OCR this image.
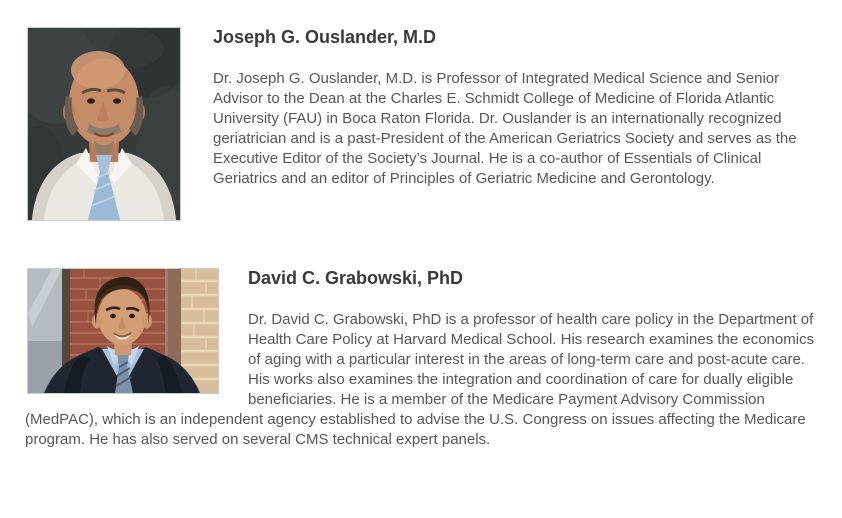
Joseph G. Ouslander, M.D

Dr. Joseph G. Ouslander, M.D. is Professor of Integrated Medical Science and Senior Advisor to the Dean at the Charles E. Schmidt College of Medicine of Florida Atlantic University (FAU) in Boca Raton Florida. Dr. Ouslander is an internationally recognized geriatrician and is a past-President of the American Geriatrics Society and serves as the Executive Editor of the Society’s Journal. He is a co-author of Essentials of Clinical Geriatrics and an editor of Principles of Geriatric Medicine and Gerontology.

David C. Grabowski, PhD

Dr. David C. Grabowski, PhD is a professor of health care policy in the Department of Health Care Policy at Harvard Medical School. His research examines the economics of aging with a particular interest in the areas of long-term care and post-acute care. His works also examines the integration and coordination of care for dually eligible beneficiaries. He is a member of the Medicare Payment Advisory Commission (MedPAC), which is an independent agency established to advise the U.S. Congress on issues affecting the Medicare program. He has also served on several CMS technical expert panels.
